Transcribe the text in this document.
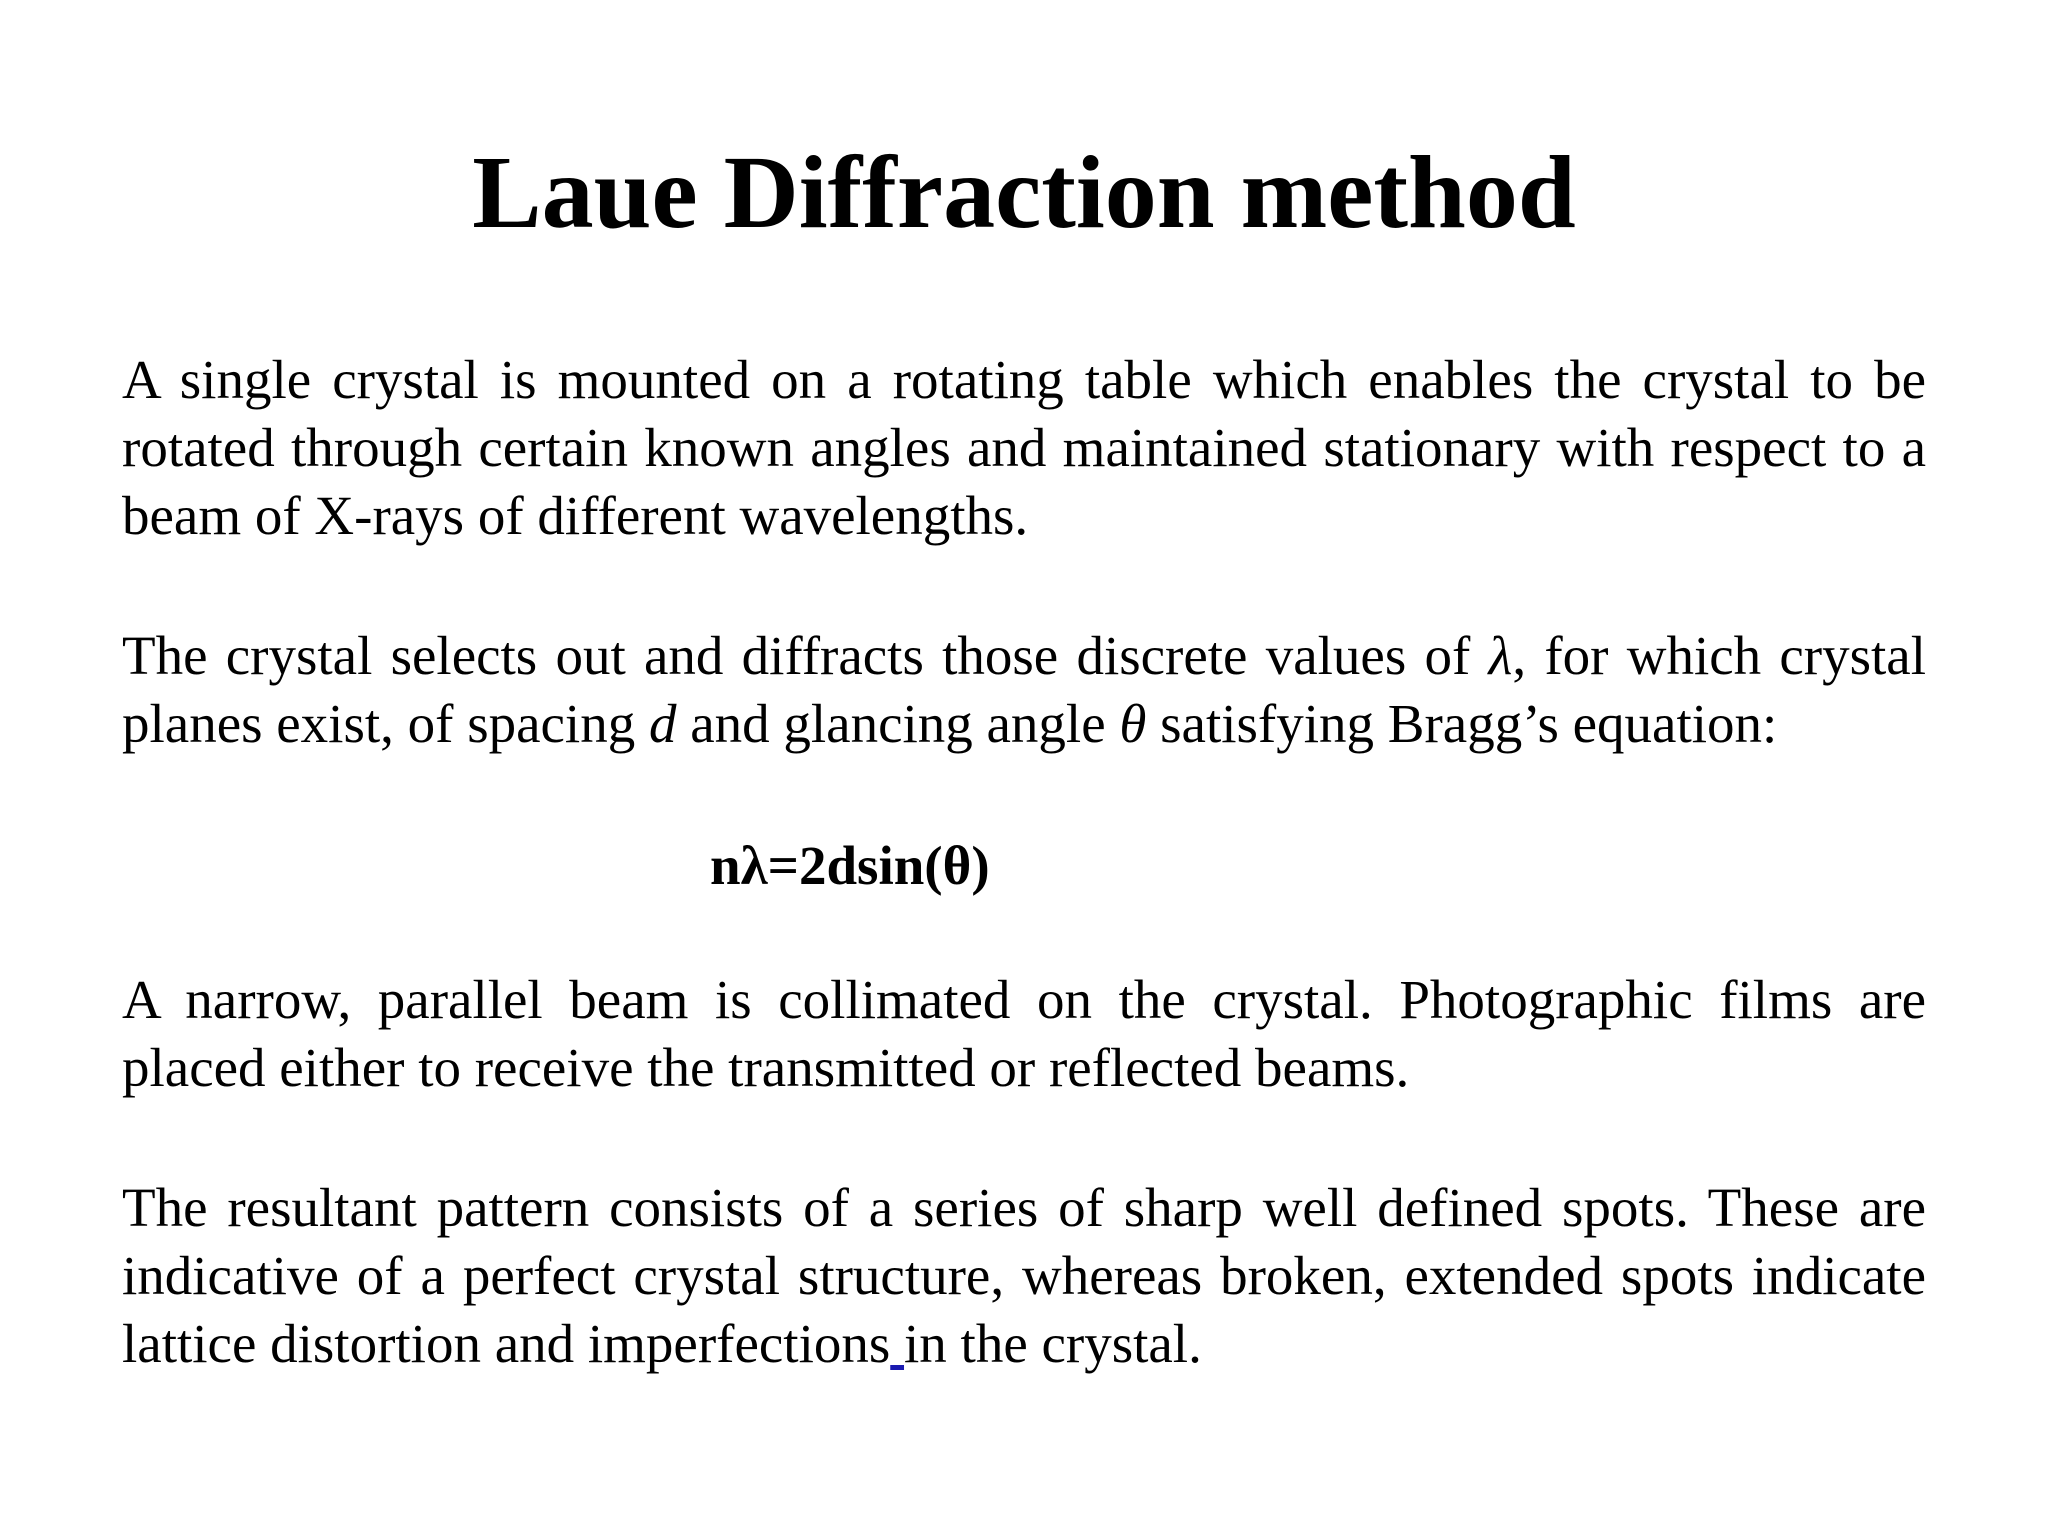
Laue Diffraction method

A single crystal is mounted on a rotating table which enables the crystal to be rotated through certain known angles and maintained stationary with respect to a beam of X-rays of different wavelengths.

The crystal selects out and diffracts those discrete values of λ, for which crystal planes exist, of spacing d and glancing angle θ satisfying Bragg’s equation:

nλ=2dsin(θ)

A narrow, parallel beam is collimated on the crystal. Photographic films are placed either to receive the transmitted or reflected beams.

The resultant pattern consists of a series of sharp well defined spots. These are indicative of a perfect crystal structure, whereas broken, extended spots indicate lattice distortion and imperfections in the crystal.
